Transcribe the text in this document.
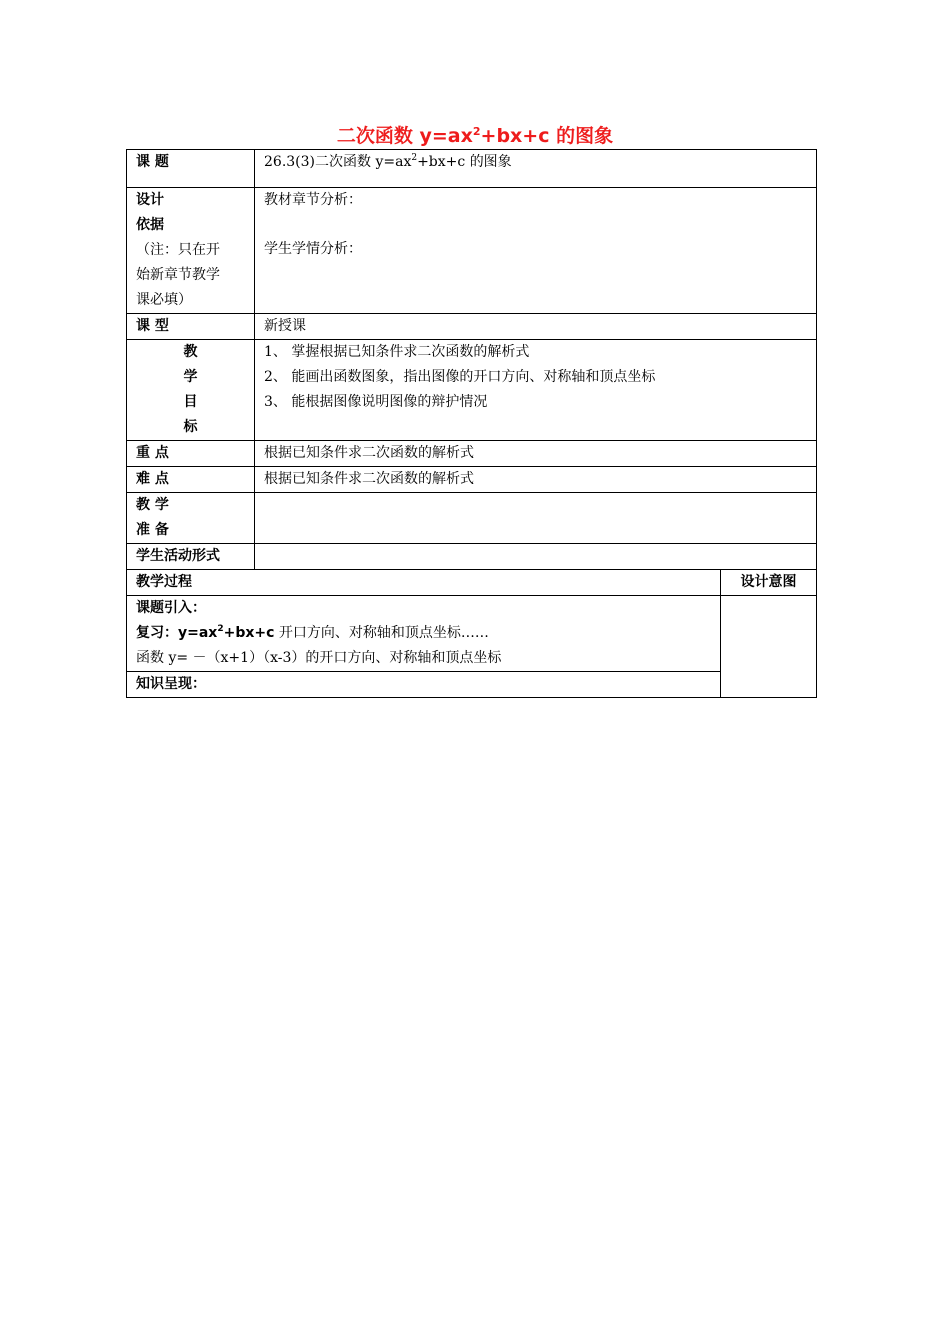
二次函数 $y=ax^2+bx+c$ 的图象
课 题	26.3(3)二次函数 $y=ax^2+bx+c$ 的图象	

设计
依据
（注：只在开
始新章节教学
课必填）	教材章节分析：
学生学情分析：	

课 型	新授课	

教
学
目
标	1、 掌握根据已知条件求二次函数的解析式
2、 能画出函数图象，指出图像的开口方向、对称轴和顶点坐标
3、 能根据图像说明图像的辩护情况	

重 点	根据已知条件求二次函数的解析式	
难 点	根据已知条件求二次函数的解析式	

教 学
准 备		

学生活动形式		
教学过程		设计意图

课题引入：
复习：$y=ax^2+bx+c$ 开口方向、对称轴和顶点坐标……
函数 y= －（x+1）（x-3）的开口方向、对称轴和顶点坐标		

知识呈现：		
